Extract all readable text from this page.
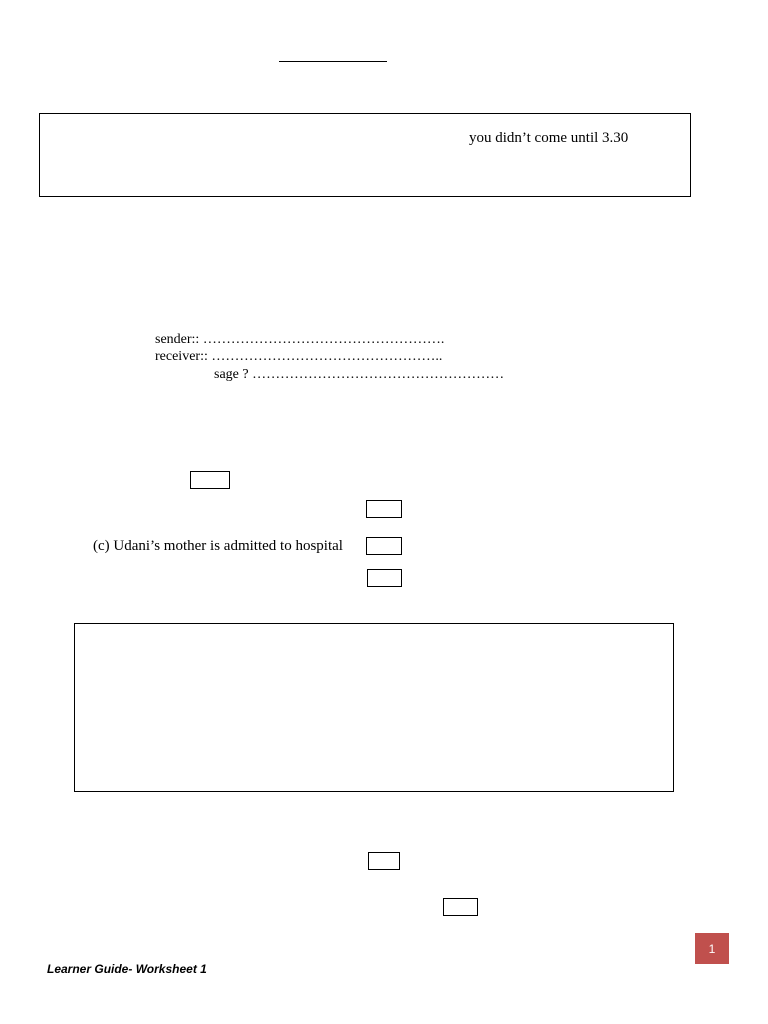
you didn’t come until 3.30
sender:: …………………………………………….
receiver:: …………………………………………..
sage ? ………………………………………………
(c) Udani’s mother is admitted to hospital
1
Learner Guide- Worksheet 1
